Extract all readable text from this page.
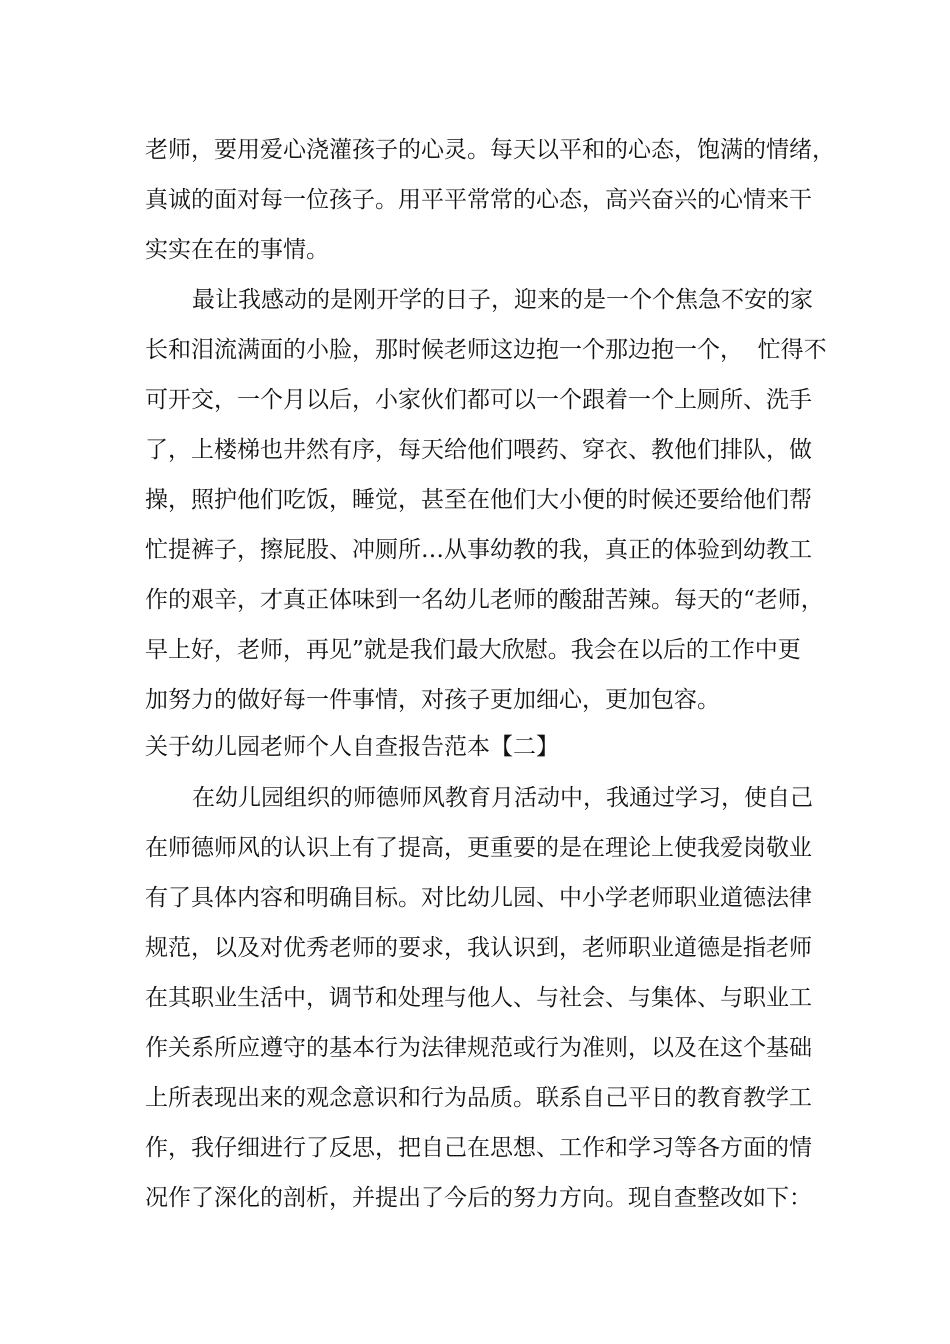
老师，要用爱心浇灌孩子的心灵。每天以平和的心态，饱满的情绪，
真诚的面对每一位孩子。用平平常常的心态，高兴奋兴的心情来干
实实在在的事情。
最让我感动的是刚开学的日子，迎来的是一个个焦急不安的家
长和泪流满面的小脸，那时候老师这边抱一个那边抱一个，  忙得不
可开交，一个月以后，小家伙们都可以一个跟着一个上厕所、洗手
了，上楼梯也井然有序，每天给他们喂药、穿衣、教他们排队，做
操，照护他们吃饭，睡觉，甚至在他们大小便的时候还要给他们帮
忙提裤子，擦屁股、冲厕所…从事幼教的我，真正的体验到幼教工
作的艰辛，才真正体味到一名幼儿老师的酸甜苦辣。每天的“老师，
早上好，老师，再见”就是我们最大欣慰。我会在以后的工作中更
加努力的做好每一件事情，对孩子更加细心，更加包容。
关于幼儿园老师个人自查报告范本【二】
在幼儿园组织的师德师风教育月活动中，我通过学习，使自己
在师德师风的认识上有了提高，更重要的是在理论上使我爱岗敬业
有了具体内容和明确目标。对比幼儿园、中小学老师职业道德法律
规范，以及对优秀老师的要求，我认识到，老师职业道德是指老师
在其职业生活中，调节和处理与他人、与社会、与集体、与职业工
作关系所应遵守的基本行为法律规范或行为准则，以及在这个基础
上所表现出来的观念意识和行为品质。联系自己平日的教育教学工
作，我仔细进行了反思，把自己在思想、工作和学习等各方面的情
况作了深化的剖析，并提出了今后的努力方向。现自查整改如下：
